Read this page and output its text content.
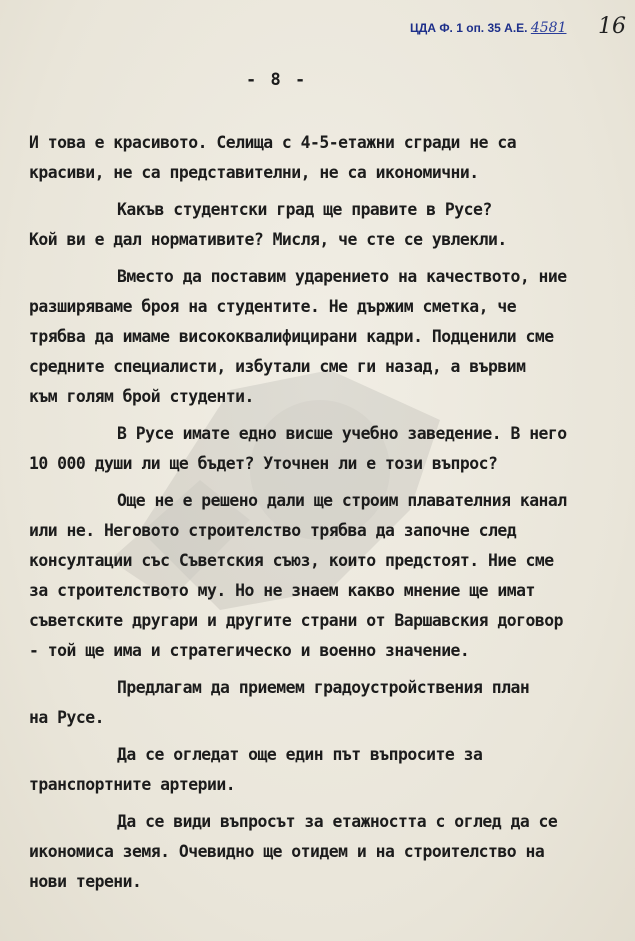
ЦДА Ф. 1 оп. 35 А.Е. 4581 16
- 8 -
И това е красивото. Селища с 4-5-етажни сгради не са
красиви, не са представителни, не са икономични.
Какъв студентски град ще правите в Русе?
Кой ви е дал нормативите? Мисля, че сте се увлекли.
Вместо да поставим ударението на качеството, ние
разширяваме броя на студентите. Не държим сметка, че
трябва да имаме висококвалифицирани кадри. Подценили сме
средните специалисти, избутали сме ги назад, а вървим
към голям брой студенти.
В Русе имате едно висше учебно заведение. В него
10 000 души ли ще бъдет? Уточнен ли е този въпрос?
Още не е решено дали ще строим плавателния канал
или не. Неговото строителство трябва да започне след
консултации със Съветския съюз, които предстоят. Ние сме
за строителството му. Но не знаем какво мнение ще имат
съветските другари и другите страни от Варшавския договор
- той ще има и стратегическо и военно значение.
Предлагам да приемем градоустройствения план
на Русе.
Да се огледат още един път въпросите за
транспортните артерии.
Да се види въпросът за етажността с оглед да се
икономиса земя. Очевидно ще отидем и на строителство на
нови терени.
